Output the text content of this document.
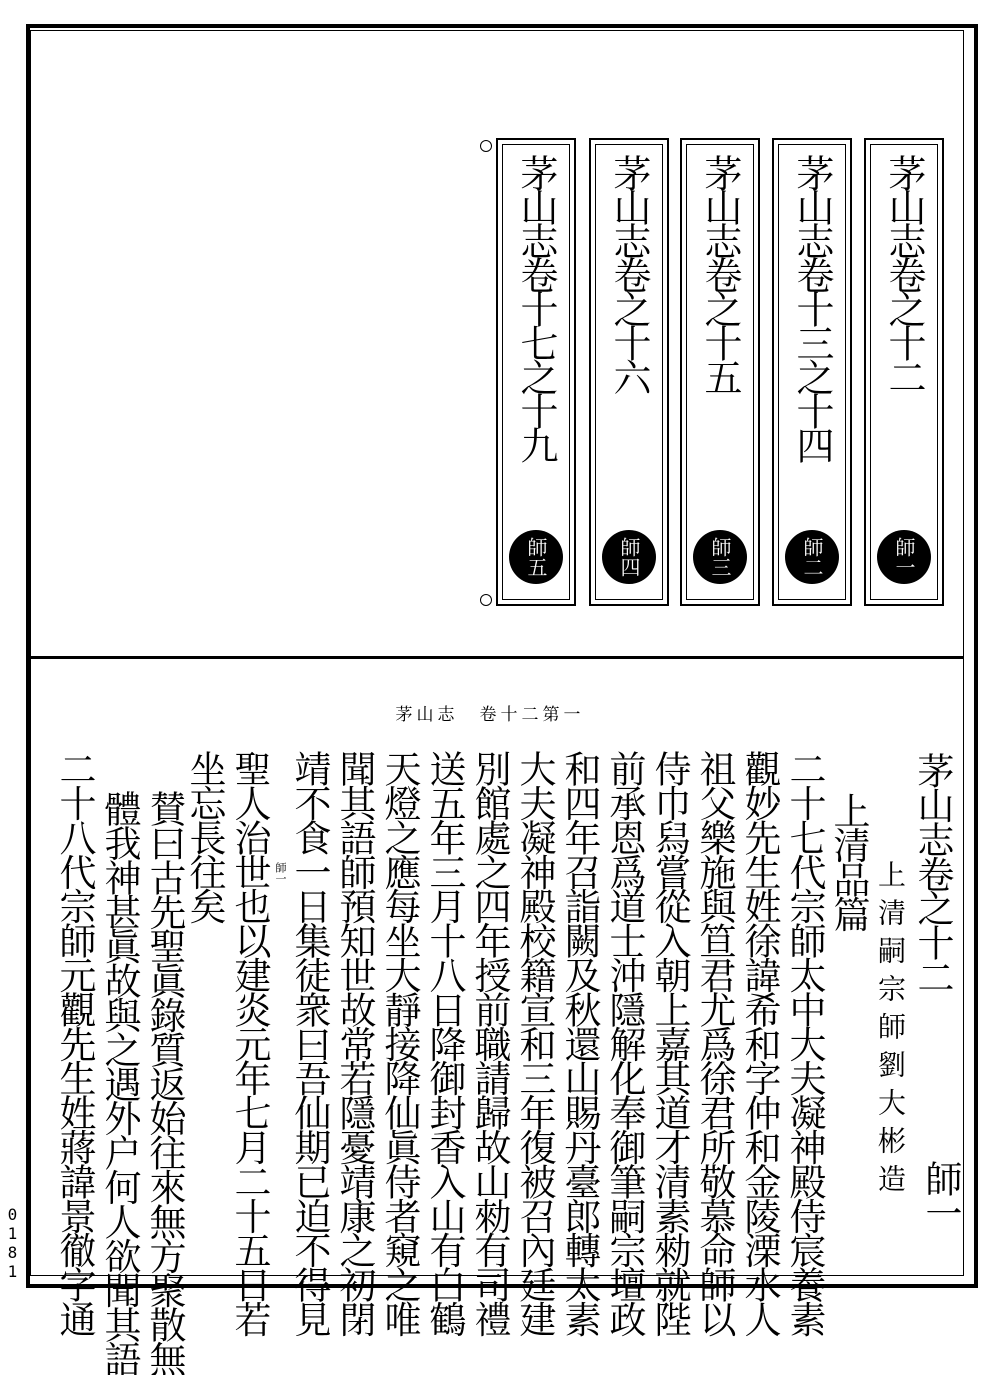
茅山志卷之十二
師一
茅山志卷十三之十四
師二
茅山志卷之十五
師三
茅山志卷之十六
師四
茅山志卷十七之十九
師五
茅山志　卷十二第一
茅山志卷之十二
上清嗣宗師劉大彬造 師一
上清品篇
二十七代宗師太中大夫凝神殿侍宸養素
觀妙先生姓徐諱希和字仲和金陵溧水人
祖父樂施與笪君尤爲徐君所敬慕命師以
侍巾舄嘗從入朝上嘉其道才清素勑就陛
前承恩爲道士沖隱解化奉御筆嗣宗壇政
和四年召詣闕及秋還山賜丹臺郎轉太素
大夫凝神殿校籍宣和三年復被召內廷建
別館處之四年授前職請歸故山勑有司禮
送五年三月十八日降御封香入山有白鶴
天燈之應每坐大靜接降仙眞侍者窺之唯
聞其語師預知世故常若隱憂靖康之初閉
靖不食一日集徒衆曰吾仙期已迫不得見
聖人治世也以建炎元年七月二十五日若
坐忘長往矣
賛曰古先聖眞錄質返始往來無方聚散無
體我神甚眞故與之遇外户何人欲聞其語
二十八代宗師元觀先生姓蔣諱景徹字通	師一
0181
